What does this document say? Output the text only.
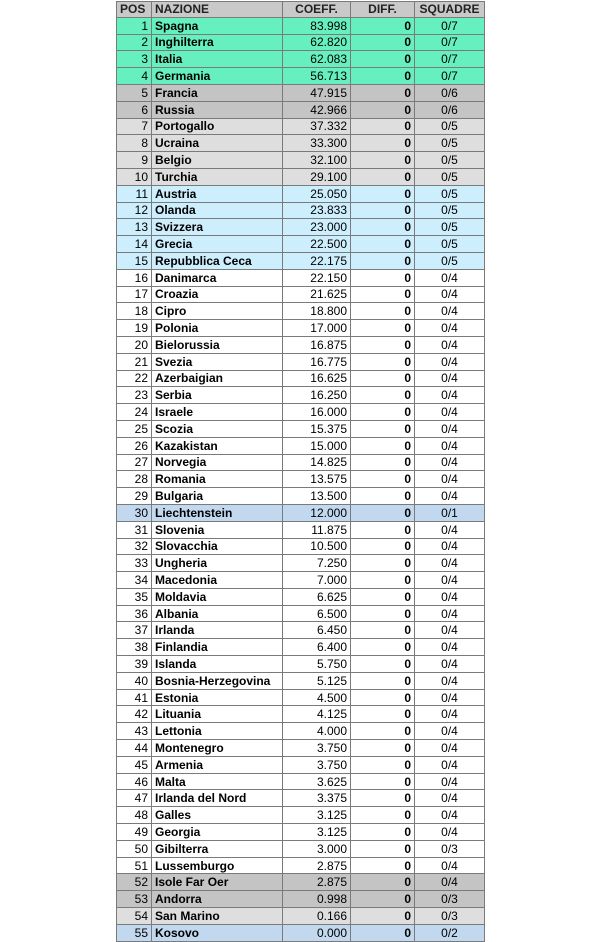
POS	NAZIONE	COEFF.	DIFF.	SQUADRE
1	Spagna	83.998	0	0/7
2	Inghilterra	62.820	0	0/7
3	Italia	62.083	0	0/7
4	Germania	56.713	0	0/7
5	Francia	47.915	0	0/6
6	Russia	42.966	0	0/6
7	Portogallo	37.332	0	0/5
8	Ucraina	33.300	0	0/5
9	Belgio	32.100	0	0/5
10	Turchia	29.100	0	0/5
11	Austria	25.050	0	0/5
12	Olanda	23.833	0	0/5
13	Svizzera	23.000	0	0/5
14	Grecia	22.500	0	0/5
15	Repubblica Ceca	22.175	0	0/5
16	Danimarca	22.150	0	0/4
17	Croazia	21.625	0	0/4
18	Cipro	18.800	0	0/4
19	Polonia	17.000	0	0/4
20	Bielorussia	16.875	0	0/4
21	Svezia	16.775	0	0/4
22	Azerbaigian	16.625	0	0/4
23	Serbia	16.250	0	0/4
24	Israele	16.000	0	0/4
25	Scozia	15.375	0	0/4
26	Kazakistan	15.000	0	0/4
27	Norvegia	14.825	0	0/4
28	Romania	13.575	0	0/4
29	Bulgaria	13.500	0	0/4
30	Liechtenstein	12.000	0	0/1
31	Slovenia	11.875	0	0/4
32	Slovacchia	10.500	0	0/4
33	Ungheria	7.250	0	0/4
34	Macedonia	7.000	0	0/4
35	Moldavia	6.625	0	0/4
36	Albania	6.500	0	0/4
37	Irlanda	6.450	0	0/4
38	Finlandia	6.400	0	0/4
39	Islanda	5.750	0	0/4
40	Bosnia-Herzegovina	5.125	0	0/4
41	Estonia	4.500	0	0/4
42	Lituania	4.125	0	0/4
43	Lettonia	4.000	0	0/4
44	Montenegro	3.750	0	0/4
45	Armenia	3.750	0	0/4
46	Malta	3.625	0	0/4
47	Irlanda del Nord	3.375	0	0/4
48	Galles	3.125	0	0/4
49	Georgia	3.125	0	0/4
50	Gibilterra	3.000	0	0/3
51	Lussemburgo	2.875	0	0/4
52	Isole Far Oer	2.875	0	0/4
53	Andorra	0.998	0	0/3
54	San Marino	0.166	0	0/3
55	Kosovo	0.000	0	0/2
